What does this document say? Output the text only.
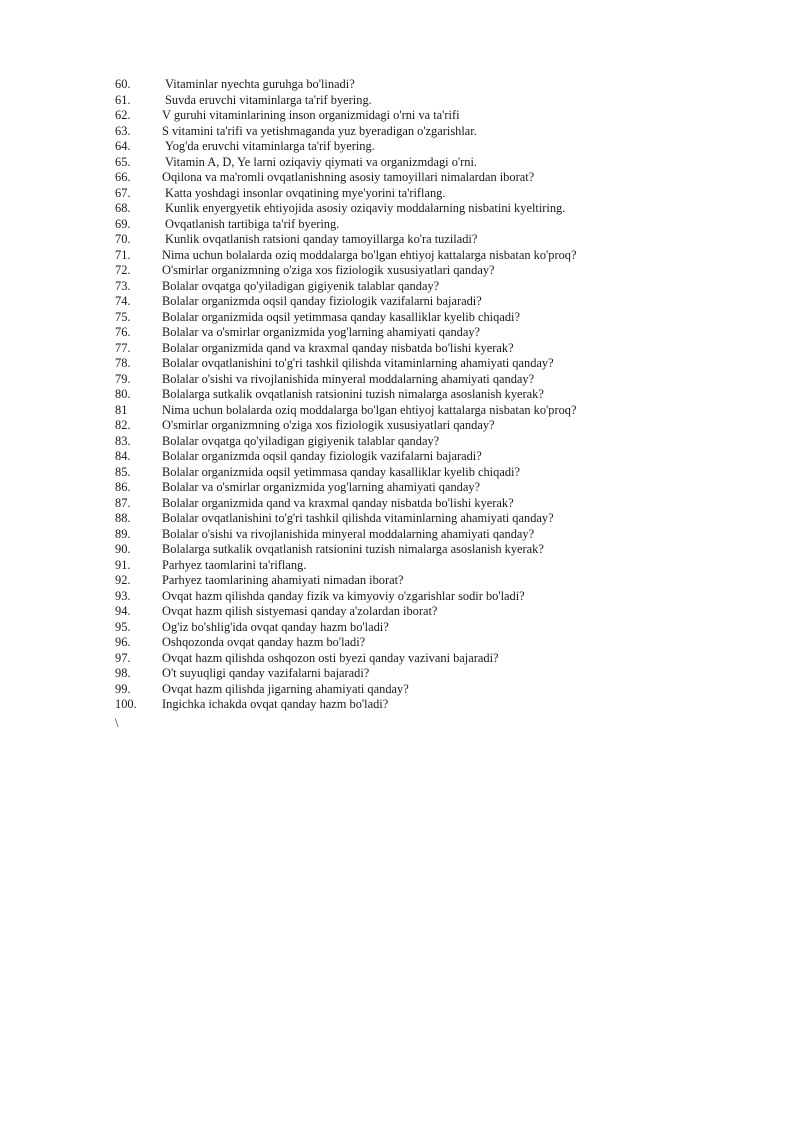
60.	Vitaminlar nyechta guruhga bo'linadi?
61.	Suvda eruvchi vitaminlarga ta'rif byering.
62.	V guruhi vitaminlarining inson organizmidagi o'rni va ta'rifi
63.	S vitamini ta'rifi va yetishmaganda yuz byeradigan o'zgarishlar.
64.	Yog'da eruvchi vitaminlarga ta'rif byering.
65.	Vitamin A, D, Ye larni oziqaviy qiymati va organizmdagi o'rni.
66.	Oqilona va ma'romli ovqatlanishning asosiy tamoyillari nimalardan iborat?
67.	Katta yoshdagi insonlar ovqatining mye'yorini ta'riflang.
68.	Kunlik enyergyetik ehtiyojida asosiy oziqaviy moddalarning nisbatini kyeltiring.
69.	Ovqatlanish tartibiga ta'rif byering.
70.	Kunlik ovqatlanish ratsioni qanday tamoyillarga ko'ra tuziladi?
71.	Nima uchun bolalarda oziq moddalarga bo'lgan ehtiyoj kattalarga nisbatan ko'proq?
72.	O'smirlar organizmning o'ziga xos fiziologik xususiyatlari qanday?
73.	Bolalar ovqatga qo'yiladigan gigiyenik talablar qanday?
74.	Bolalar organizmda oqsil qanday fiziologik vazifalarni bajaradi?
75.	Bolalar organizmida oqsil yetimmasa qanday kasalliklar kyelib chiqadi?
76.	Bolalar va o'smirlar organizmida yog'larning ahamiyati qanday?
77.	Bolalar organizmida qand va kraxmal qanday nisbatda bo'lishi kyerak?
78.	Bolalar ovqatlanishini to'g'ri tashkil qilishda vitaminlarning ahamiyati qanday?
79.	Bolalar o'sishi va rivojlanishida minyeral moddalarning ahamiyati qanday?
80.	Bolalarga sutkalik ovqatlanish ratsionini tuzish nimalarga asoslanish kyerak?
81	Nima uchun bolalarda oziq moddalarga bo'lgan ehtiyoj kattalarga nisbatan ko'proq?
82.	O'smirlar organizmning o'ziga xos fiziologik xususiyatlari qanday?
83.	Bolalar ovqatga qo'yiladigan gigiyenik talablar qanday?
84.	Bolalar organizmda oqsil qanday fiziologik vazifalarni bajaradi?
85.	Bolalar organizmida oqsil yetimmasa qanday kasalliklar kyelib chiqadi?
86.	Bolalar va o'smirlar organizmida yog'larning ahamiyati qanday?
87.	Bolalar organizmida qand va kraxmal qanday nisbatda bo'lishi kyerak?
88.	Bolalar ovqatlanishini to'g'ri tashkil qilishda vitaminlarning ahamiyati qanday?
89.	Bolalar o'sishi va rivojlanishida minyeral moddalarning ahamiyati qanday?
90.	Bolalarga sutkalik ovqatlanish ratsionini tuzish nimalarga asoslanish kyerak?
91.	Parhyez taomlarini ta'riflang.
92.	Parhyez taomlarining ahamiyati nimadan iborat?
93.	Ovqat hazm qilishda qanday fizik va kimyoviy o'zgarishlar sodir bo'ladi?
94.	Ovqat hazm qilish sistyemasi qanday a'zolardan iborat?
95.	Og'iz bo'shlig'ida ovqat qanday hazm bo'ladi?
96.	Oshqozonda ovqat qanday hazm bo'ladi?
97.	Ovqat hazm qilishda oshqozon osti byezi qanday vazivani bajaradi?
98.	O't suyuqligi qanday vazifalarni bajaradi?
99.	Ovqat hazm qilishda jigarning ahamiyati qanday?
100. Ingichka ichakda ovqat qanday hazm bo'ladi?
\
